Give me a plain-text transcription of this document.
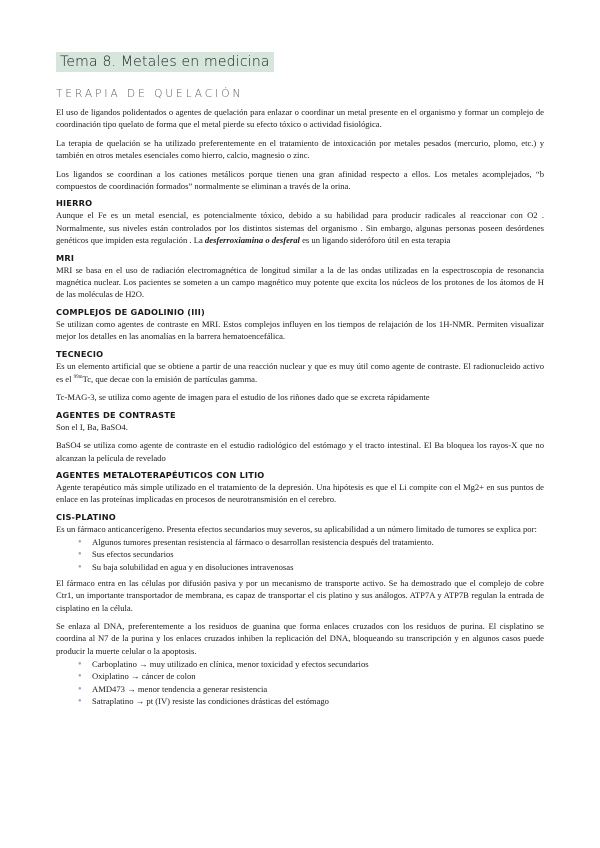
Tema 8. Metales en medicina
TERAPIA DE QUELACIÓN

El uso de ligandos polidentados o agentes de quelación para enlazar o coordinar un metal presente en el organismo y formar un complejo de coordinación tipo quelato de forma que el metal pierde su efecto tóxico o actividad fisiológica.

La terapia de quelación se ha utilizado preferentemente en el tratamiento de intoxicación por metales pesados (mercurio, plomo, etc.) y también en otros metales esenciales como hierro, calcio, magnesio o zinc.

Los ligandos se coordinan a los cationes metálicos porque tienen una gran afinidad respecto a ellos. Los metales acomplejados, “b compuestos de coordinación formados” normalmente se eliminan a través de la orina.

HIERRO

Aunque el Fe es un metal esencial, es potencialmente tóxico, debido a su habilidad para producir radicales al reaccionar con O2 . Normalmente, sus niveles están controlados por los distintos sistemas del organismo . Sin embargo, algunas personas poseen desórdenes genéticos que impiden esta regulación . La desferroxiamina o desferal es un ligando sideróforo útil en esta terapia

MRI

MRI se basa en el uso de radiación electromagnética de longitud similar a la de las ondas utilizadas en la espectroscopia de resonancia magnética nuclear. Los pacientes se someten a un campo magnético muy potente que excita los núcleos de los protones de los átomos de H de las moléculas de H2O.

COMPLEJOS DE GADOLINIO (III)

Se utilizan como agentes de contraste en MRI. Estos complejos influyen en los tiempos de relajación de los 1H-NMR. Permiten visualizar mejor los detalles en las anomalías en la barrera hematoencefálica.

TECNECIO

Es un elemento artificial que se obtiene a partir de una reacción nuclear y que es muy útil como agente de contraste. El radionucleido activo es el $^{99m}$Tc, que decae con la emisión de partículas gamma.

Tc-MAG-3, se utiliza como agente de imagen para el estudio de los riñones dado que se excreta rápidamente

AGENTES DE CONTRASTE

Son el I, Ba, BaSO4.

BaSO4 se utiliza como agente de contraste en el estudio radiológico del estómago y el tracto intestinal. El Ba bloquea los rayos-X que no alcanzan la película de revelado

AGENTES METALOTERAPÉUTICOS CON LITIO

Agente terapéutico más simple utilizado en el tratamiento de la depresión. Una hipótesis es que el Li compite con el Mg2+ en sus puntos de enlace en las proteínas implicadas en procesos de neurotransmisión en el cerebro.

CIS-PLATINO

Es un fármaco anticancerígeno. Presenta efectos secundarios muy severos, su aplicabilidad a un número limitado de tumores se explica por:

● Algunos tumores presentan resistencia al fármaco o desarrollan resistencia después del tratamiento.
● Sus efectos secundarios
● Su baja solubilidad en agua y en disoluciones intravenosas

El fármaco entra en las células por difusión pasiva y por un mecanismo de transporte activo. Se ha demostrado que el complejo de cobre Ctr1, un importante transportador de membrana, es capaz de transportar el cis platino y sus análogos. ATP7A y ATP7B regulan la entrada de cisplatino en la célula.

Se enlaza al DNA, preferentemente a los residuos de guanina que forma enlaces cruzados con los residuos de purina. El cisplatino se coordina al N7 de la purina y los enlaces cruzados inhiben la replicación del DNA, bloqueando su transcripción y en algunos casos puede producir la muerte celular o la apoptosis.

● Carboplatino → muy utilizado en clínica, menor toxicidad y efectos secundarios
● Oxiplatino → cáncer de colon
● AMD473 → menor tendencia a generar resistencia
● Satraplatino → pt (IV) resiste las condiciones drásticas del estómago
